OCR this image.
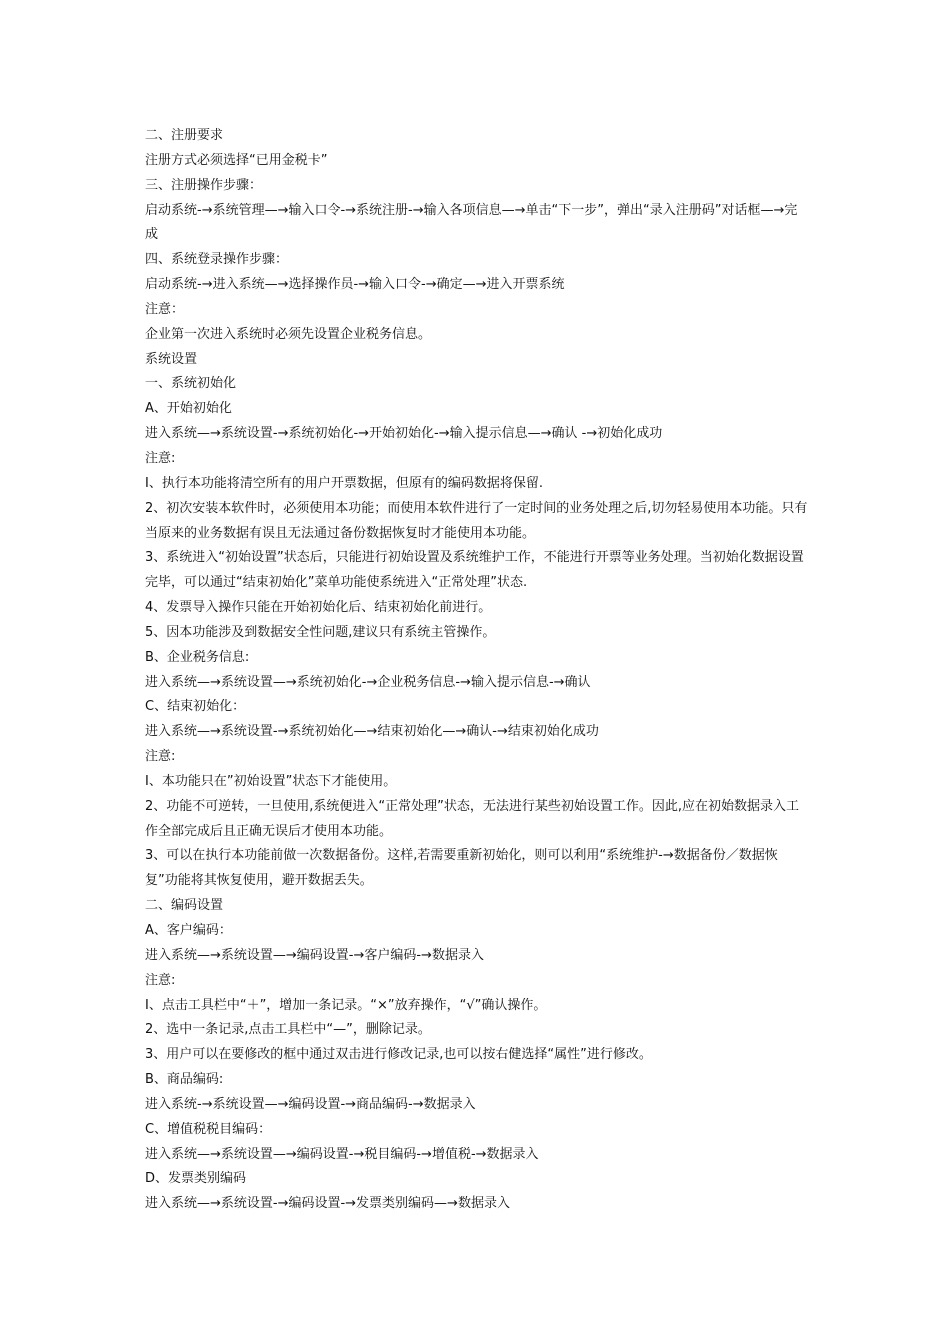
二、注册要求
注册方式必须选择“已用金税卡”
三、注册操作步骤：
启动系统-→系统管理—→输入口令-→系统注册-→输入各项信息—→单击“下一步”，弹出“录入注册码”对话框—→完成
四、系统登录操作步骤：
启动系统-→进入系统—→选择操作员-→输入口令-→确定—→进入开票系统
注意：
企业第一次进入系统时必须先设置企业税务信息。
系统设置
一、系统初始化
A、开始初始化
进入系统—→系统设置-→系统初始化-→开始初始化-→输入提示信息—→确认 -→初始化成功
注意:
I、执行本功能将清空所有的用户开票数据，但原有的编码数据将保留.
2、初次安装本软件时，必须使用本功能；而使用本软件进行了一定时间的业务处理之后,切勿轻易使用本功能。只有当原来的业务数据有误且无法通过备份数据恢复时才能使用本功能。
3、系统进入“初始设置”状态后，只能进行初始设置及系统维护工作，不能进行开票等业务处理。当初始化数据设置完毕，可以通过“结束初始化”菜单功能使系统进入“正常处理”状态.
4、发票导入操作只能在开始初始化后、结束初始化前进行。
5、因本功能涉及到数据安全性问题,建议只有系统主管操作。
B、企业税务信息:
进入系统—→系统设置—→系统初始化-→企业税务信息-→输入提示信息-→确认
C、结束初始化：
进入系统—→系统设置-→系统初始化—→结束初始化—→确认-→结束初始化成功
注意:
I、本功能只在”初始设置”状态下才能使用。
2、功能不可逆转，一旦使用,系统便进入“正常处理”状态，无法进行某些初始设置工作。因此,应在初始数据录入工作全部完成后且正确无误后才使用本功能。
3、可以在执行本功能前做一次数据备份。这样,若需要重新初始化，则可以利用“系统维护-→数据备份／数据恢复”功能将其恢复使用，避开数据丢失。
二、编码设置
A、客户编码：
进入系统—→系统设置—→编码设置-→客户编码-→数据录入
注意:
I、点击工具栏中“＋”，增加一条记录。“×”放弃操作，“√”确认操作。
2、选中一条记录,点击工具栏中“—”，删除记录。
3、用户可以在要修改的框中通过双击进行修改记录,也可以按右健选择“属性”进行修改。
B、商品编码:
进入系统-→系统设置—→编码设置-→商品编码-→数据录入
C、增值税税目编码：
进入系统—→系统设置—→编码设置-→税目编码-→增值税-→数据录入
D、发票类别编码
进入系统—→系统设置-→编码设置-→发票类别编码—→数据录入
